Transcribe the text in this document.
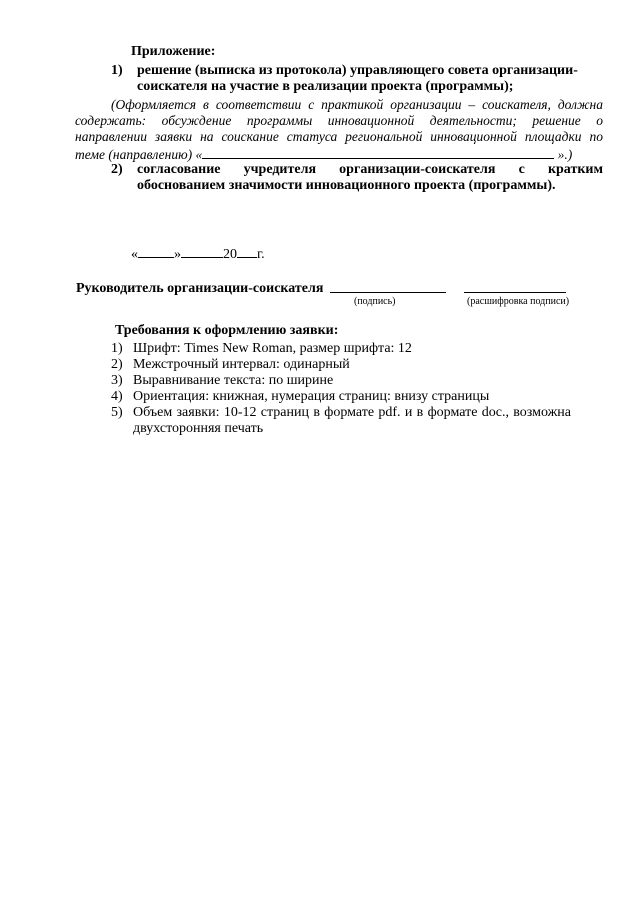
Приложение:
1) решение (выписка из протокола) управляющего совета организации-
соискателя на участие в реализации проекта (программы);
(Оформляется в соответствии с практикой организации – соискателя, должна
содержать: обсуждение программы инновационной деятельности; решение о
направлении заявки на соискание статуса региональной инновационной площадки по
теме (направлению) «	».)
2) согласование учредителя организации-соискателя с кратким
обоснованием значимости инновационного проекта (программы).
«	»	20 г.
Руководитель организации-соискателя
(подпись)	(расшифровка подписи)
Требования к оформлению заявки:
1) Шрифт: Times New Roman, размер шрифта: 12
2) Межстрочный интервал: одинарный
3) Выравнивание текста: по ширине
4) Ориентация: книжная, нумерация страниц: внизу страницы
5) Объем заявки: 10-12 страниц в формате pdf. и в формате doc., возможна
двухсторонняя печать
